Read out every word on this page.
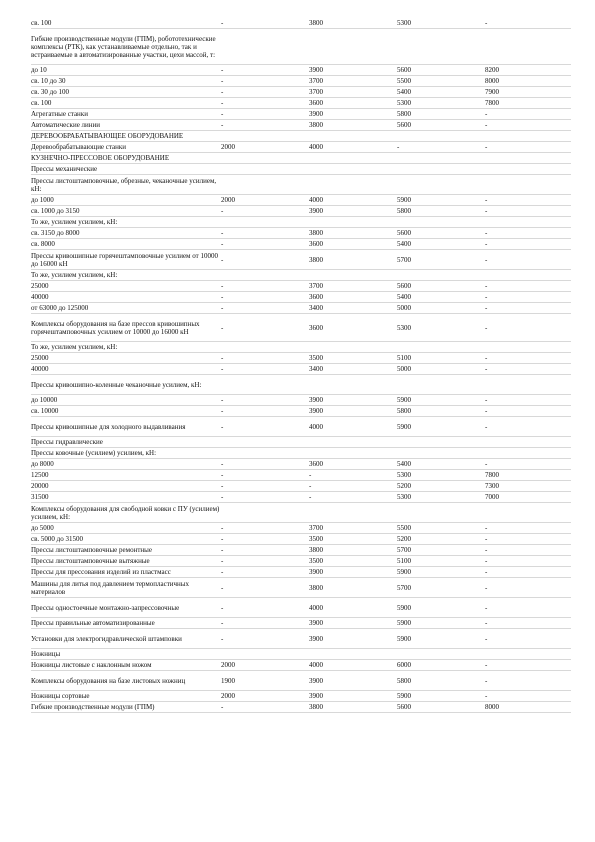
св. 100	-	3800	5300	-
Гибкие производственные модули (ГПМ), робототехнические комплексы (РТК), как устанавливаемые отдельно, так и встраиваемые в автоматизированные участки, цехи массой, т:
до 10	-	3900	5600	8200
св. 10 до 30	-	3700	5500	8000
св. 30 до 100	-	3700	5400	7900
св. 100	-	3600	5300	7800
Агрегатные станки	-	3900	5800	-
Автоматические линии	-	3800	5600	-
ДЕРЕВООБРАБАТЫВАЮЩЕЕ ОБОРУДОВАНИЕ
Деревообрабатывающие станки	2000	4000	-	-
КУЗНЕЧНО-ПРЕССОВОЕ ОБОРУДОВАНИЕ
Прессы механические
Прессы листоштамповочные, обрезные, чеканочные усилием, кН:
до 1000	2000	4000	5900	-
св. 1000 до 3150	-	3900	5800	-
То же, усилием усилием, кН:
св. 3150 до 8000	-	3800	5600	-
св. 8000	-	3600	5400	-
Прессы кривошипные горячештамповочные усилием от 10000 до 16000 кН	-	3800	5700	-
То же, усилием усилием, кН:
25000	-	3700	5600	-
40000	-	3600	5400	-
от 63000 до 125000	-	3400	5000	-
Комплексы оборудования на базе прессов кривошипных горячештамповочных усилием от 10000 до 16000 кН	-	3600	5300	-
То же, усилием усилием, кН:
25000	-	3500	5100	-
40000	-	3400	5000	-
Прессы кривошипно-коленные чеканочные усилием, кН:
до 10000	-	3900	5900	-
св. 10000	-	3900	5800	-
Прессы кривошипные для холодного выдавливания	-	4000	5900	-
Прессы гидравлические
Прессы ковочные (усилием) усилием, кН:
до 8000	-	3600	5400	-
12500	-	-	5300	7800
20000	-	-	5200	7300
31500	-	-	5300	7000
Комплексы оборудования для свободной ковки с ПУ (усилием) усилием, кН:
до 5000	-	3700	5500	-
св. 5000 до 31500	-	3500	5200	-
Прессы листоштамповочные ремонтные	-	3800	5700	-
Прессы листоштамповочные вытяжные	-	3500	5100	-
Прессы для прессования изделий из пластмасс	-	3900	5900	-
Машины для литья под давлением термопластичных материалов	-	3800	5700	-
Прессы одностоечные монтажно-запрессовочные	-	4000	5900	-
Прессы правильные автоматизированные	-	3900	5900	-
Установки для электрогидравлической штамповки	-	3900	5900	-
Ножницы
Ножницы листовые с наклонным ножом	2000	4000	6000	-
Комплексы оборудования на базе листовых ножниц	1900	3900	5800	-
Ножницы сортовые	2000	3900	5900	-
Гибкие производственные модули (ГПМ)	-	3800	5600	8000
